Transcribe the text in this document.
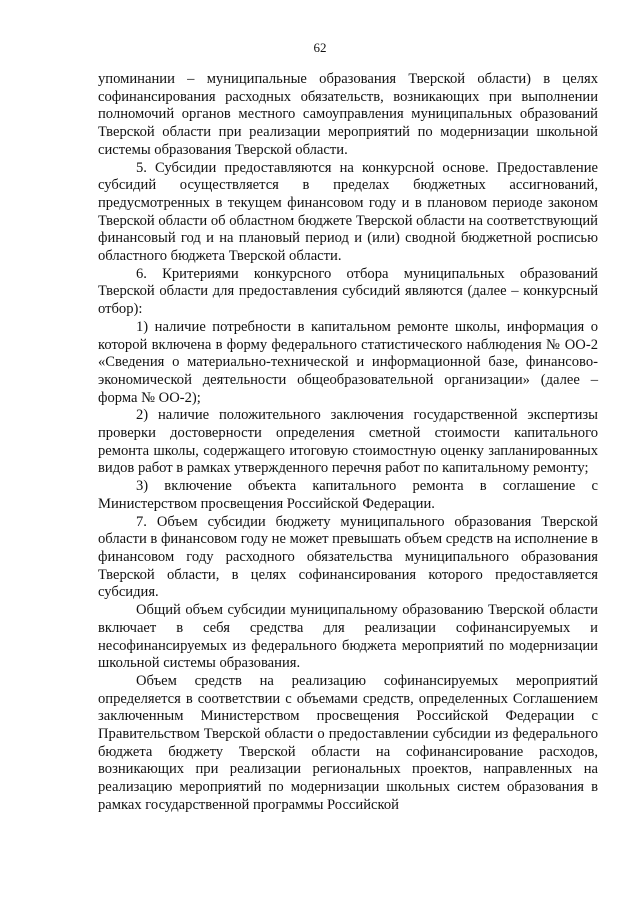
62

упоминании – муниципальные образования Тверской области) в целях софинансирования расходных обязательств, возникающих при выполнении полномочий органов местного самоуправления муниципальных образований Тверской области при реализации мероприятий по модернизации школьной системы образования Тверской области.

5. Субсидии предоставляются на конкурсной основе. Предоставление субсидий осуществляется в пределах бюджетных ассигнований, предусмотренных в текущем финансовом году и в плановом периоде законом Тверской области об областном бюджете Тверской области на соответствующий финансовый год и на плановый период и (или) сводной бюджетной росписью областного бюджета Тверской области.

6. Критериями конкурсного отбора муниципальных образований Тверской области для предоставления субсидий являются (далее – конкурсный отбор):

1) наличие потребности в капитальном ремонте школы, информация о которой включена в форму федерального статистического наблюдения № ОО-2 «Сведения о материально-технической и информационной базе, финансово-экономической деятельности общеобразовательной организации» (далее – форма № ОО-2);

2) наличие положительного заключения государственной экспертизы проверки достоверности определения сметной стоимости капитального ремонта школы, содержащего итоговую стоимостную оценку запланированных видов работ в рамках утвержденного перечня работ по капитальному ремонту;

3) включение объекта капитального ремонта в соглашение с Министерством просвещения Российской Федерации.

7. Объем субсидии бюджету муниципального образования Тверской области в финансовом году не может превышать объем средств на исполнение в финансовом году расходного обязательства муниципального образования Тверской области, в целях софинансирования которого предоставляется субсидия.

Общий объем субсидии муниципальному образованию Тверской области включает в себя средства для реализации софинансируемых и несофинансируемых из федерального бюджета мероприятий по модернизации школьной системы образования.

Объем средств на реализацию софинансируемых мероприятий определяется в соответствии с объемами средств, определенных Соглашением заключенным Министерством просвещения Российской Федерации с Правительством Тверской области о предоставлении субсидии из федерального бюджета бюджету Тверской области на софинансирование расходов, возникающих при реализации региональных проектов, направленных на реализацию мероприятий по модернизации школьных систем образования в рамках государственной программы Российской
